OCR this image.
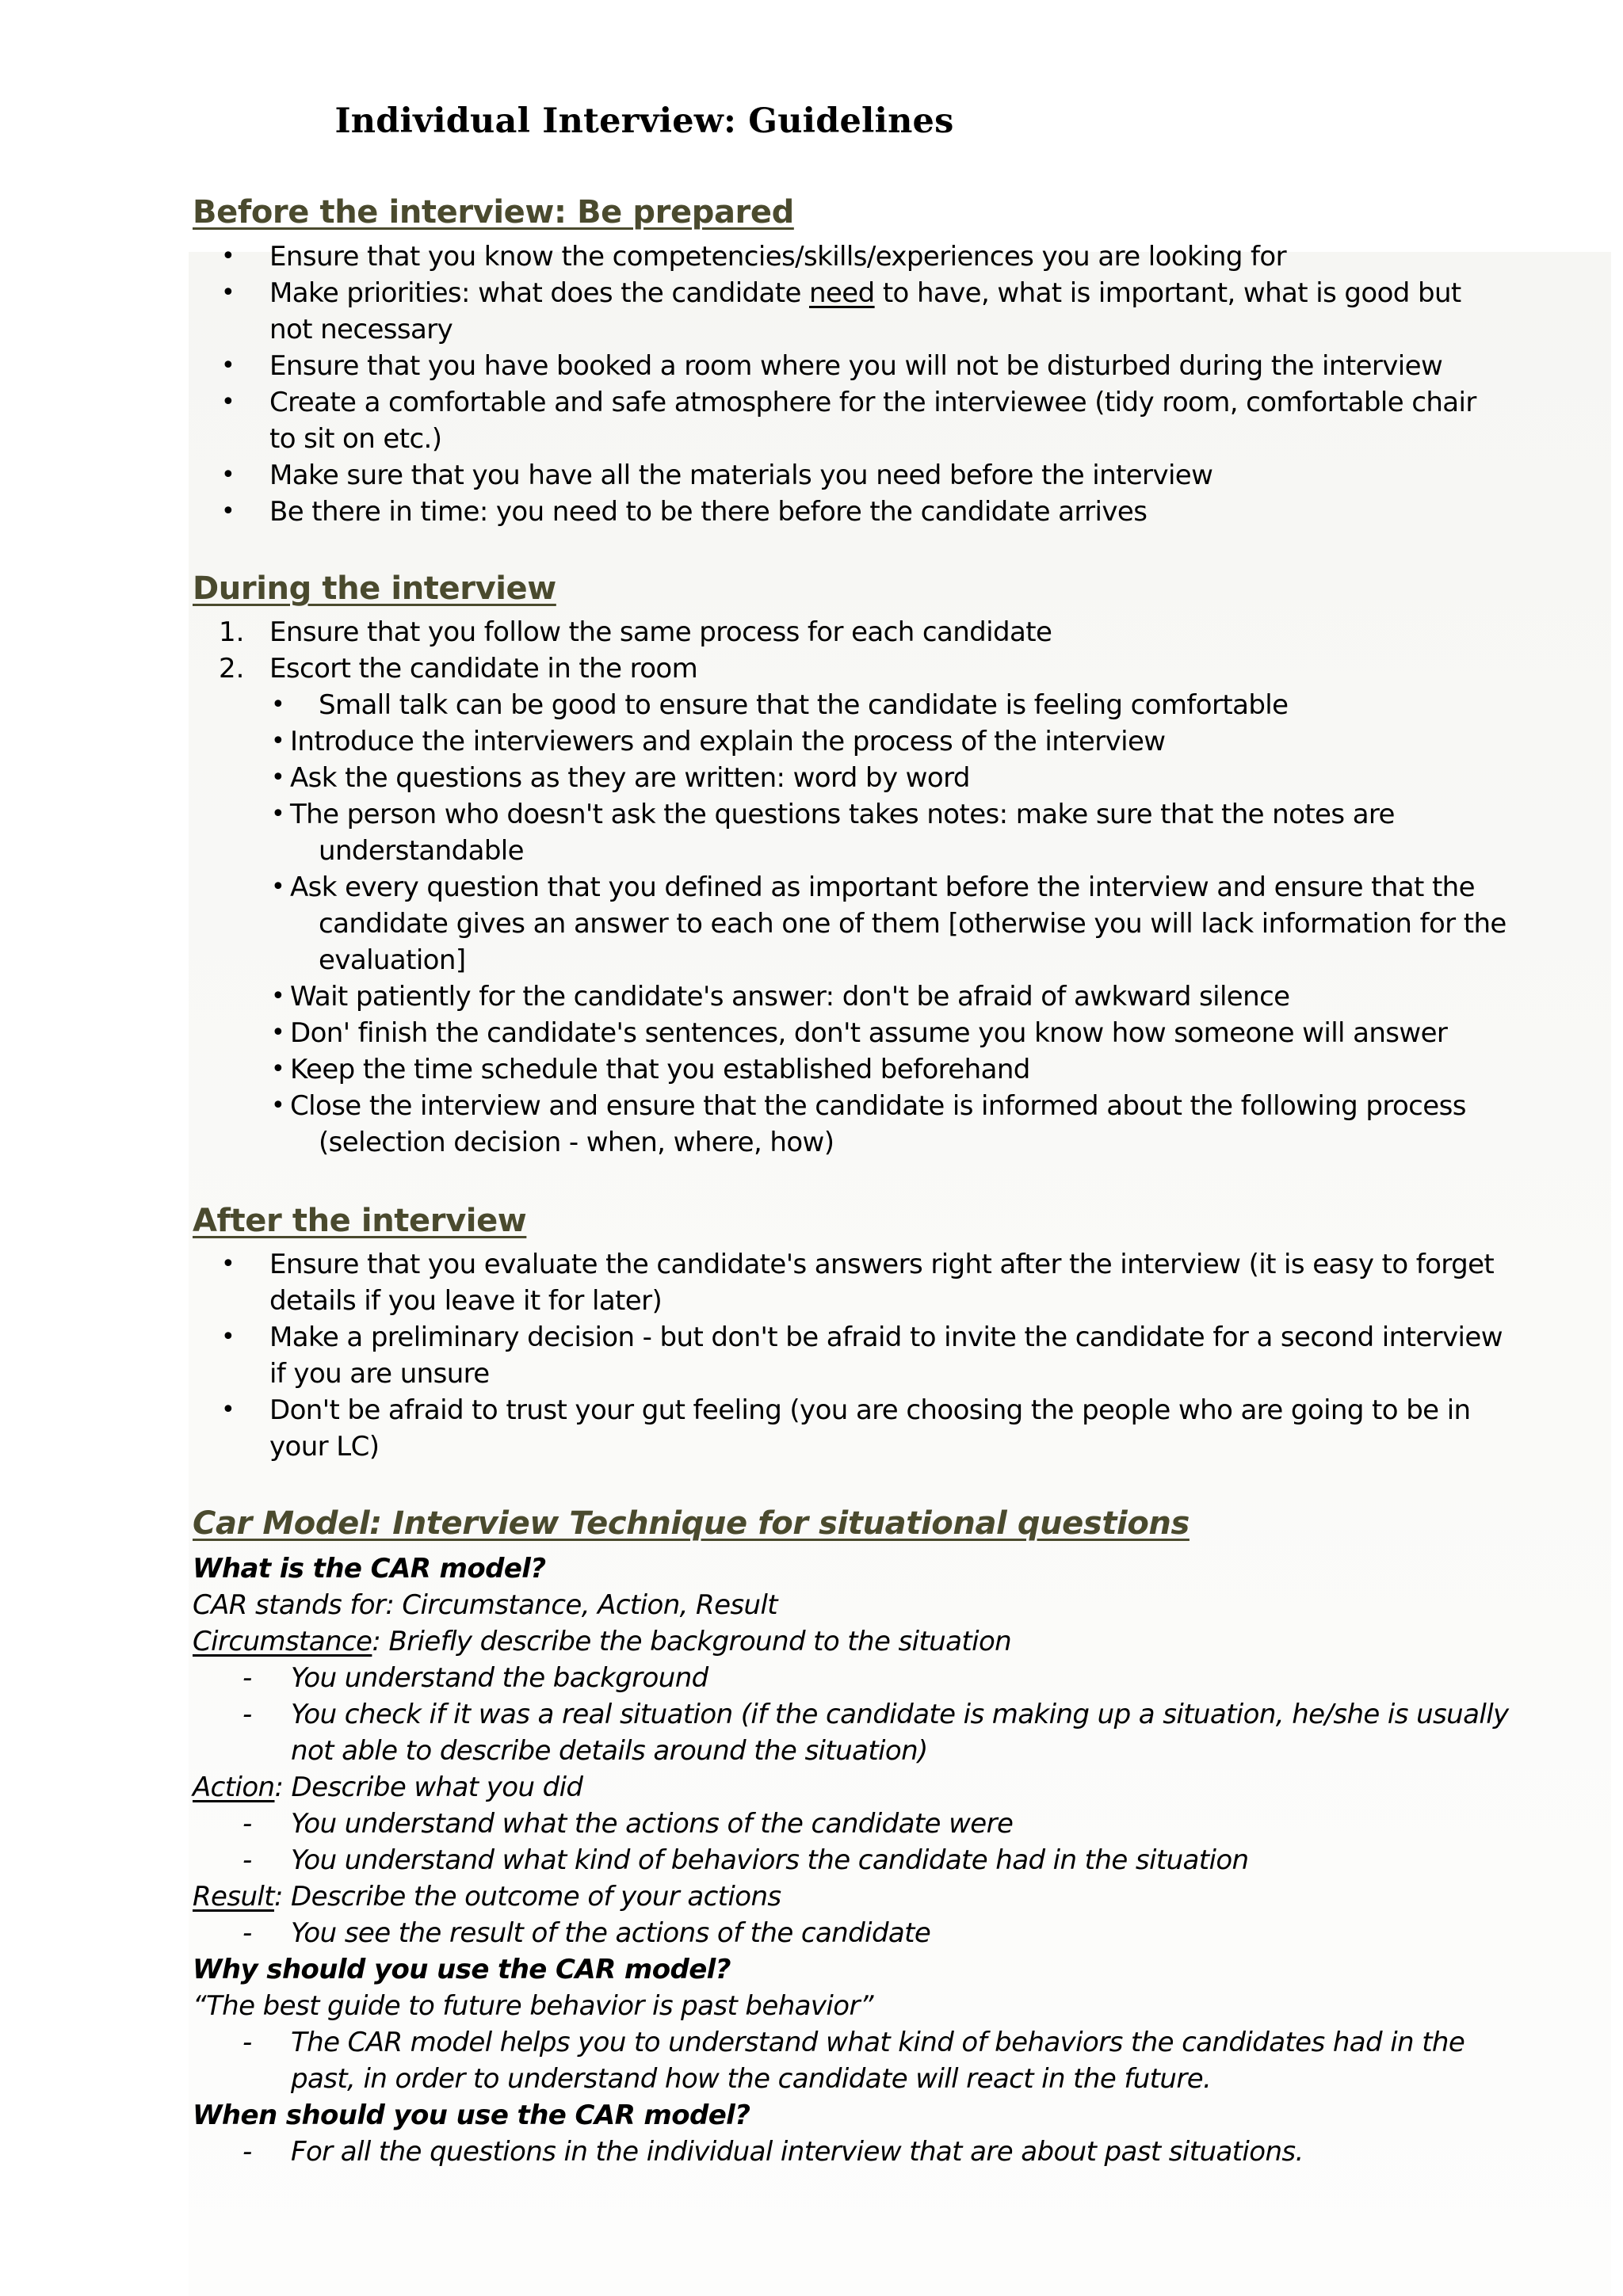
Individual Interview: Guidelines
Before the interview: Be prepared
• Ensure that you know the competencies/skills/experiences you are looking for
• Make priorities: what does the candidate need to have, what is important, what is good but
not necessary
• Ensure that you have booked a room where you will not be disturbed during the interview
• Create a comfortable and safe atmosphere for the interviewee (tidy room, comfortable chair
to sit on etc.)
• Make sure that you have all the materials you need before the interview
• Be there in time: you need to be there before the candidate arrives
During the interview
1. Ensure that you follow the same process for each candidate
2. Escort the candidate in the room
• Small talk can be good to ensure that the candidate is feeling comfortable
• Introduce the interviewers and explain the process of the interview
• Ask the questions as they are written: word by word
• The person who doesn't ask the questions takes notes: make sure that the notes are
understandable
• Ask every question that you defined as important before the interview and ensure that the
candidate gives an answer to each one of them [otherwise you will lack information for the
evaluation]
• Wait patiently for the candidate's answer: don't be afraid of awkward silence
• Don' finish the candidate's sentences, don't assume you know how someone will answer
• Keep the time schedule that you established beforehand
• Close the interview and ensure that the candidate is informed about the following process
(selection decision - when, where, how)
After the interview
• Ensure that you evaluate the candidate's answers right after the interview (it is easy to forget
details if you leave it for later)
• Make a preliminary decision - but don't be afraid to invite the candidate for a second interview
if you are unsure
• Don't be afraid to trust your gut feeling (you are choosing the people who are going to be in
your LC)
Car Model: Interview Technique for situational questions
What is the CAR model?
CAR stands for: Circumstance, Action, Result
Circumstance: Briefly describe the background to the situation
- You understand the background
- You check if it was a real situation (if the candidate is making up a situation, he/she is usually
not able to describe details around the situation)
Action: Describe what you did
- You understand what the actions of the candidate were
- You understand what kind of behaviors the candidate had in the situation
Result: Describe the outcome of your actions
- You see the result of the actions of the candidate
Why should you use the CAR model?
“The best guide to future behavior is past behavior”
- The CAR model helps you to understand what kind of behaviors the candidates had in the
past, in order to understand how the candidate will react in the future.
When should you use the CAR model?
- For all the questions in the individual interview that are about past situations.
